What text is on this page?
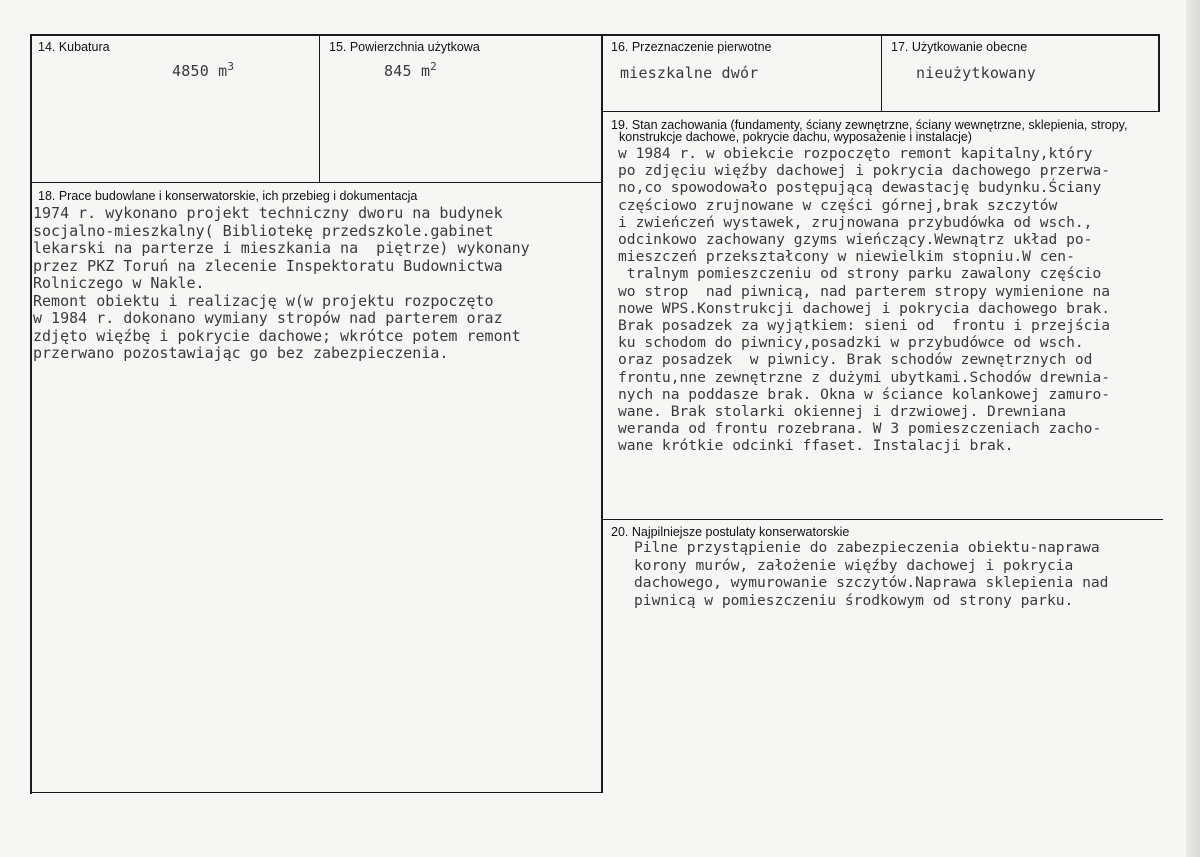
14. Kubatura
4850 $m^3$
15. Powierzchnia użytkowa
845 $m^2$
16. Przeznaczenie pierwotne
mieszkalne dwór
17. Użytkowanie obecne
nieużytkowany
19. Stan zachowania (fundamenty, ściany zewnętrzne, ściany wewnętrzne, sklepienia, stropy,
konstrukcje dachowe, pokrycie dachu, wyposażenie i instalacje)
w 1984 r. w obiekcie rozpoczęto remont kapitalny,który
po zdjęciu więźby dachowej i pokrycia dachowego przerwa-
no,co spowodowało postępującą dewastację budynku.Ściany
częściowo zrujnowane w części górnej,brak szczytów
i zwieńczeń wystawek, zrujnowana przybudówka od wsch.,
odcinkowo zachowany gzyms wieńczący.Wewnątrz układ po-
mieszczeń przekształcony w niewielkim stopniu.W cen-
tralnym pomieszczeniu od strony parku zawalony częścio
wo strop  nad piwnicą, nad parterem stropy wymienione na
nowe WPS.Konstrukcji dachowej i pokrycia dachowego brak.
Brak posadzek za wyjątkiem: sieni od  frontu i przejścia
ku schodom do piwnicy,posadzki w przybudówce od wsch.
oraz posadzek  w piwnicy. Brak schodów zewnętrznych od
frontu,nne zewnętrzne z dużymi ubytkami.Schodów drewnia-
nych na poddasze brak. Okna w ściance kolankowej zamuro-
wane. Brak stolarki okiennej i drzwiowej. Drewniana
weranda od frontu rozebrana. W 3 pomieszczeniach zacho-
wane krótkie odcinki ffaset. Instalacji brak.
18. Prace budowlane i konserwatorskie, ich przebieg i dokumentacja
1974 r. wykonano projekt techniczny dworu na budynek
socjalno-mieszkalny( Bibliotekę przedszkole.gabinet
lekarski na parterze i mieszkania na  piętrze) wykonany
przez PKZ Toruń na zlecenie Inspektoratu Budownictwa
Rolniczego w Nakle.
Remont obiektu i realizację w(w projektu rozpoczęto
w 1984 r. dokonano wymiany stropów nad parterem oraz
zdjęto więźbę i pokrycie dachowe; wkrótce potem remont
przerwano pozostawiając go bez zabezpieczenia.
20. Najpilniejsze postulaty konserwatorskie
Pilne przystąpienie do zabezpieczenia obiektu-naprawa
korony murów, założenie więźby dachowej i pokrycia
dachowego, wymurowanie szczytów.Naprawa sklepienia nad
piwnicą w pomieszczeniu środkowym od strony parku.
